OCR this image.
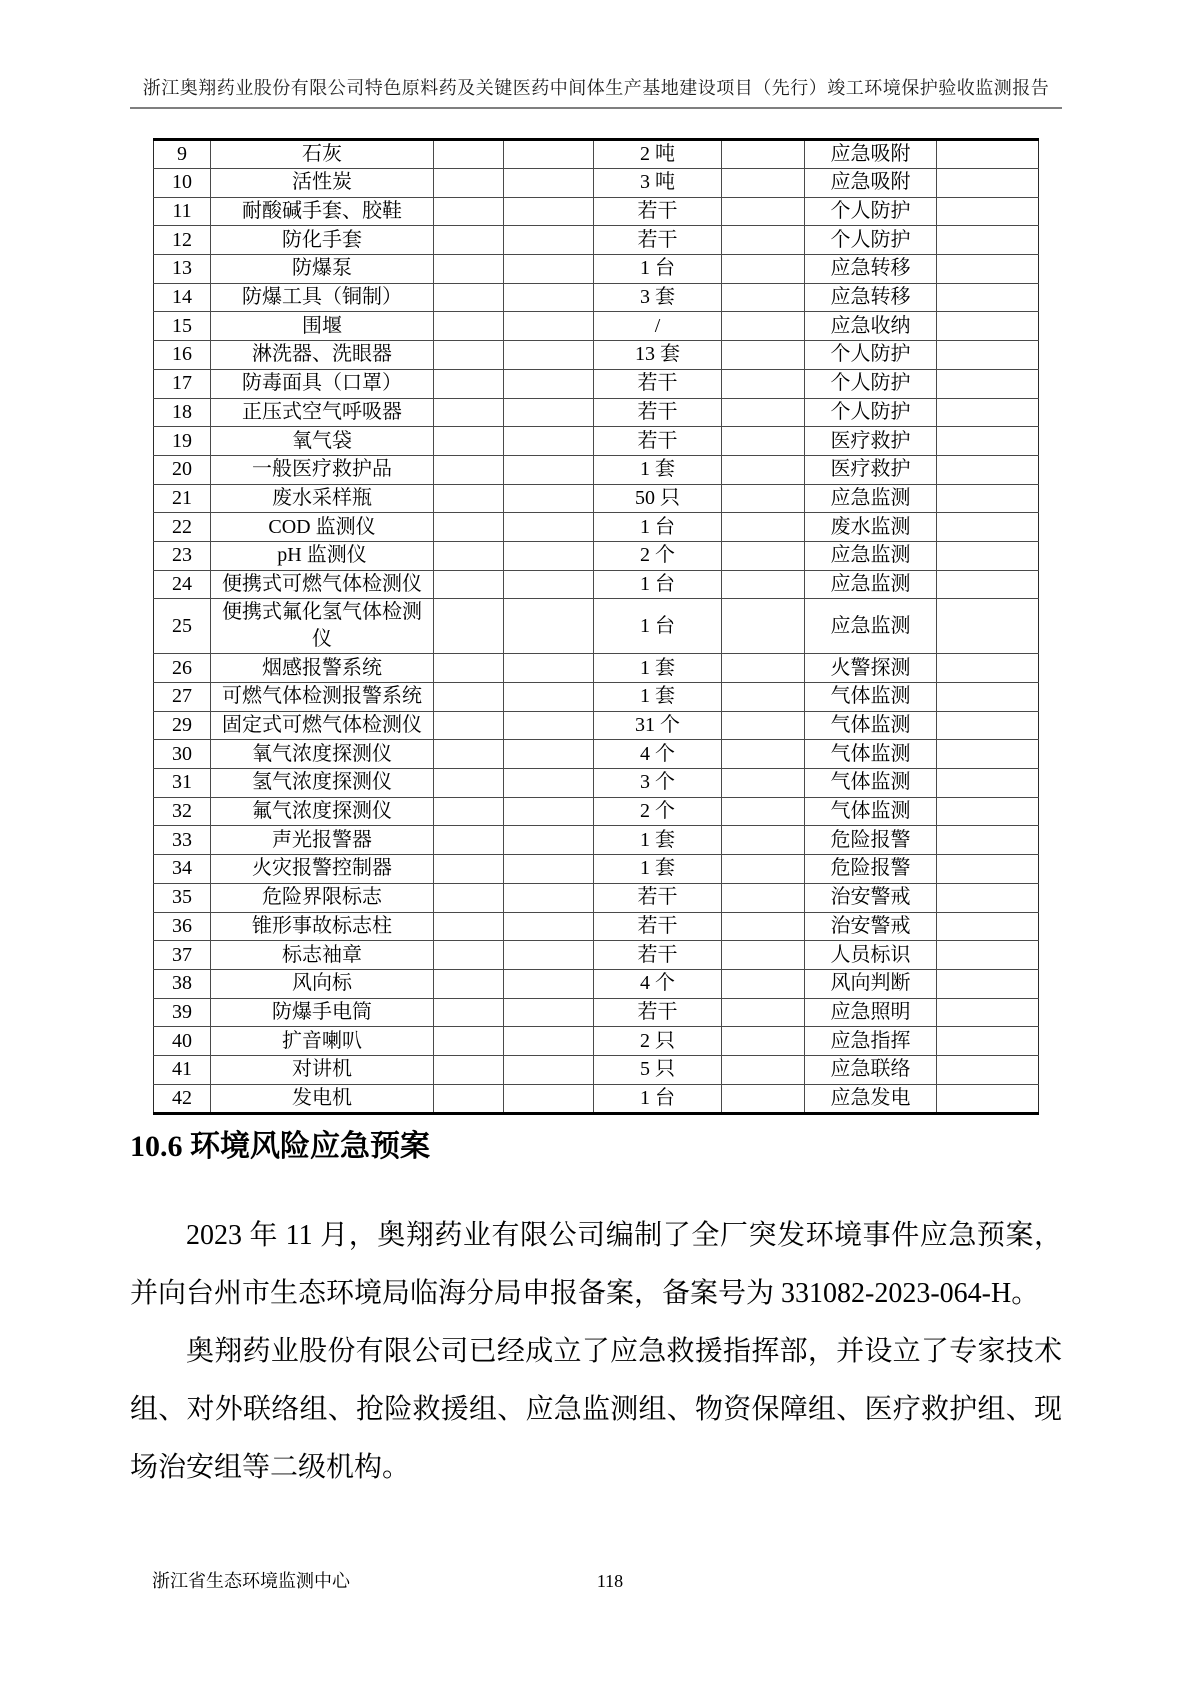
浙江奥翔药业股份有限公司特色原料药及关键医药中间体生产基地建设项目（先行）竣工环境保护验收监测报告
9	石灰			2 吨		应急吸附	
10	活性炭			3 吨		应急吸附	
11	耐酸碱手套、胶鞋			若干		个人防护	
12	防化手套			若干		个人防护	
13	防爆泵			1 台		应急转移	
14	防爆工具（铜制）			3 套		应急转移	
15	围堰			/		应急收纳	
16	淋洗器、洗眼器			13 套		个人防护	
17	防毒面具（口罩）			若干		个人防护	
18	正压式空气呼吸器			若干		个人防护	
19	氧气袋			若干		医疗救护	
20	一般医疗救护品			1 套		医疗救护	
21	废水采样瓶			50 只		应急监测	
22	COD 监测仪			1 台		废水监测	
23	pH 监测仪			2 个		应急监测	
24	便携式可燃气体检测仪			1 台		应急监测	
25	便携式氟化氢气体检测仪			1 台		应急监测	
26	烟感报警系统			1 套		火警探测	
27	可燃气体检测报警系统			1 套		气体监测	
29	固定式可燃气体检测仪			31 个		气体监测	
30	氧气浓度探测仪			4 个		气体监测	
31	氢气浓度探测仪			3 个		气体监测	
32	氟气浓度探测仪			2 个		气体监测	
33	声光报警器			1 套		危险报警	
34	火灾报警控制器			1 套		危险报警	
35	危险界限标志			若干		治安警戒	
36	锥形事故标志柱			若干		治安警戒	
37	标志袖章			若干		人员标识	
38	风向标			4 个		风向判断	
39	防爆手电筒			若干		应急照明	
40	扩音喇叭			2 只		应急指挥	
41	对讲机			5 只		应急联络	
42	发电机			1 台		应急发电	
10.6 环境风险应急预案

2023 年 11 月，奥翔药业有限公司编制了全厂突发环境事件应急预案，并向台州市生态环境局临海分局申报备案，备案号为 331082-2023-064-H。

奥翔药业股份有限公司已经成立了应急救援指挥部，并设立了专家技术组、对外联络组、抢险救援组、应急监测组、物资保障组、医疗救护组、现场治安组等二级机构。

118
浙江省生态环境监测中心
